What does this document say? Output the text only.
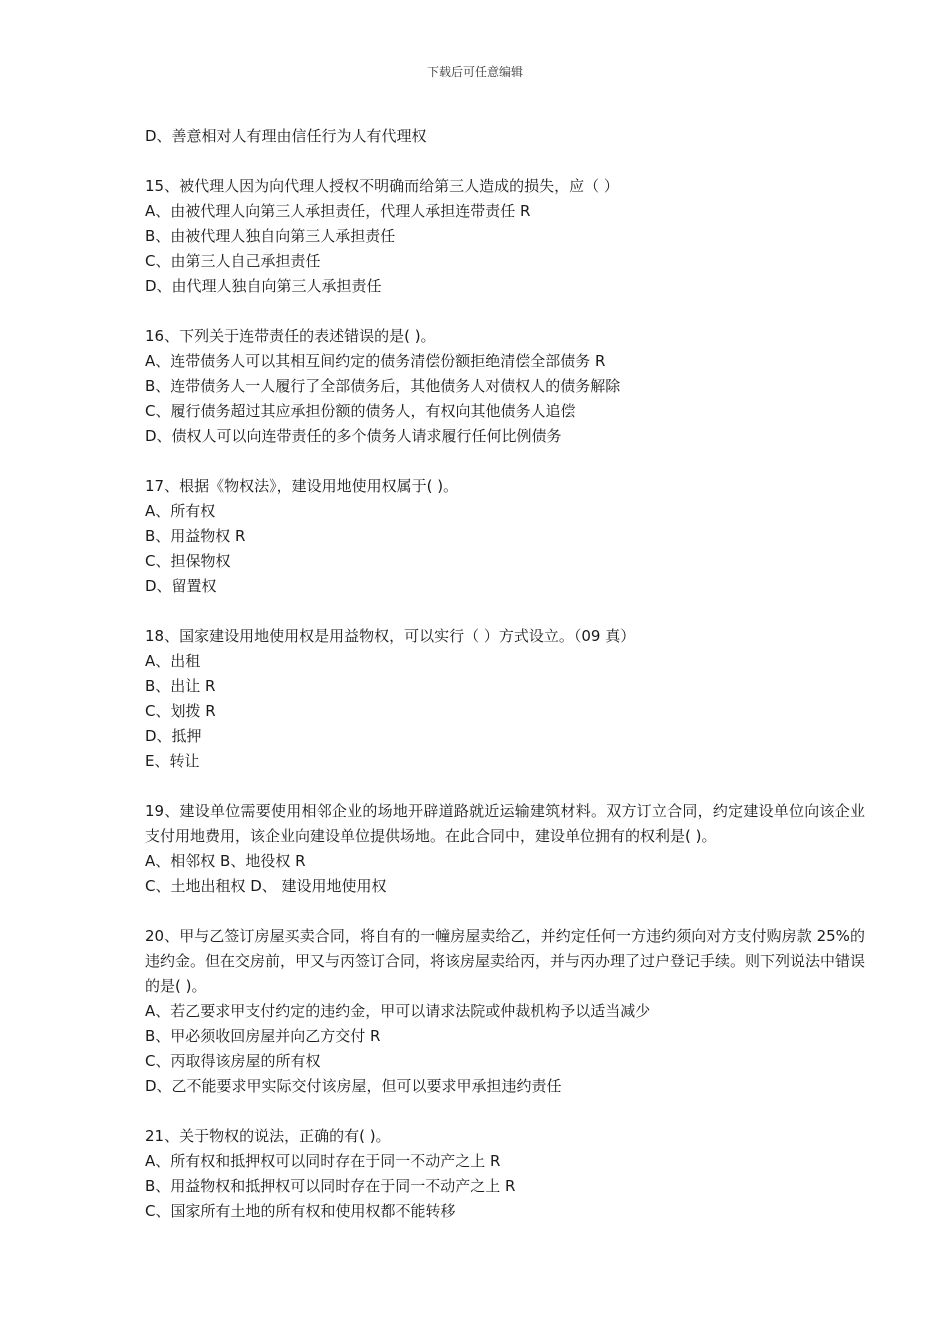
下载后可任意编辑
D、善意相对人有理由信任行为人有代理权
15、被代理人因为向代理人授权不明确而给第三人造成的损失，应（ ）
A、由被代理人向第三人承担责任，代理人承担连带责任 R
B、由被代理人独自向第三人承担责任
C、由第三人自己承担责任
D、由代理人独自向第三人承担责任
16、下列关于连带责任的表述错误的是( )。
A、连带债务人可以其相互间约定的债务清偿份额拒绝清偿全部债务 R
B、连带债务人一人履行了全部债务后，其他债务人对债权人的债务解除
C、履行债务超过其应承担份额的债务人，有权向其他债务人追偿
D、债权人可以向连带责任的多个债务人请求履行任何比例债务
17、根据《物权法》，建设用地使用权属于( )。
A、所有权
B、用益物权 R
C、担保物权
D、留置权
18、国家建设用地使用权是用益物权，可以实行（ ）方式设立。（09 真）
A、出租
B、出让 R
C、划拨 R
D、抵押
E、转让
19、建设单位需要使用相邻企业的场地开辟道路就近运输建筑材料。双方订立合同，约定建设单位向该企业支付用地费用，该企业向建设单位提供场地。在此合同中，建设单位拥有的权利是( )。
A、相邻权 B、地役权 R
C、土地出租权 D、 建设用地使用权
20、甲与乙签订房屋买卖合同，将自有的一幢房屋卖给乙，并约定任何一方违约须向对方支付购房款 25%的违约金。但在交房前，甲又与丙签订合同，将该房屋卖给丙，并与丙办理了过户登记手续。则下列说法中错误的是( )。
A、若乙要求甲支付约定的违约金，甲可以请求法院或仲裁机构予以适当减少
B、甲必须收回房屋并向乙方交付 R
C、丙取得该房屋的所有权
D、乙不能要求甲实际交付该房屋，但可以要求甲承担违约责任
21、关于物权的说法，正确的有( )。
A、所有权和抵押权可以同时存在于同一不动产之上 R
B、用益物权和抵押权可以同时存在于同一不动产之上 R
C、国家所有土地的所有权和使用权都不能转移
